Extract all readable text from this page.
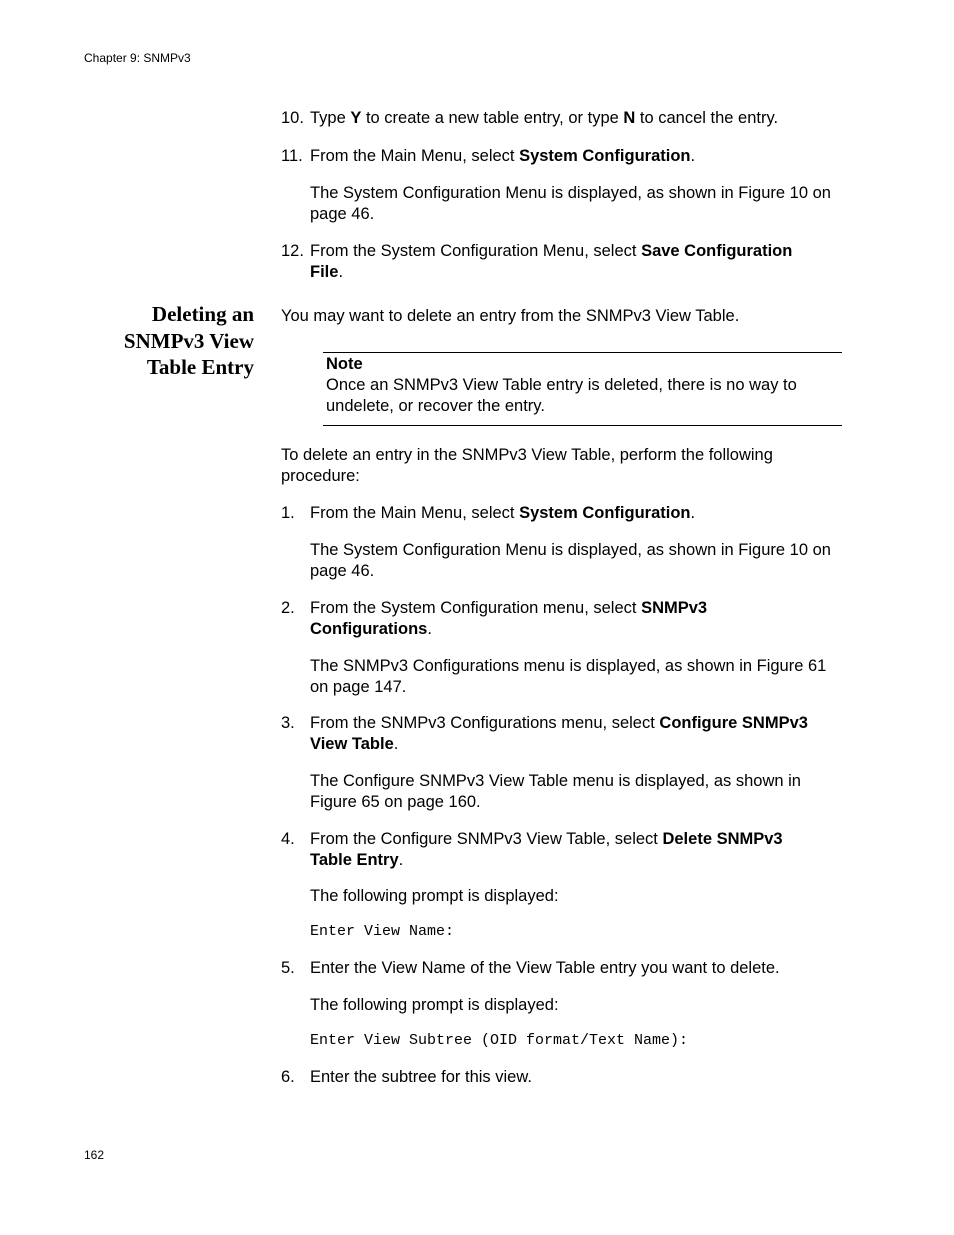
Chapter 9: SNMPv3
10. Type Y to create a new table entry, or type N to cancel the entry.

11. From the Main Menu, select System Configuration.

The System Configuration Menu is displayed, as shown in Figure 10 on page 46.

12. From the System Configuration Menu, select Save Configuration File.

Deleting an
SNMPv3 View
Table Entry

You may want to delete an entry from the SNMPv3 View Table.

Note
Once an SNMPv3 View Table entry is deleted, there is no way to undelete, or recover the entry.

To delete an entry in the SNMPv3 View Table, perform the following procedure:

1. From the Main Menu, select System Configuration.

The System Configuration Menu is displayed, as shown in Figure 10 on page 46.

2. From the System Configuration menu, select SNMPv3 Configurations.

The SNMPv3 Configurations menu is displayed, as shown in Figure 61 on page 147.

3. From the SNMPv3 Configurations menu, select Configure SNMPv3 View Table.

The Configure SNMPv3 View Table menu is displayed, as shown in Figure 65 on page 160.

4. From the Configure SNMPv3 View Table, select Delete SNMPv3 Table Entry.

The following prompt is displayed:

Enter View Name:

5. Enter the View Name of the View Table entry you want to delete.

The following prompt is displayed:

Enter View Subtree (OID format/Text Name):

6. Enter the subtree for this view.

162
